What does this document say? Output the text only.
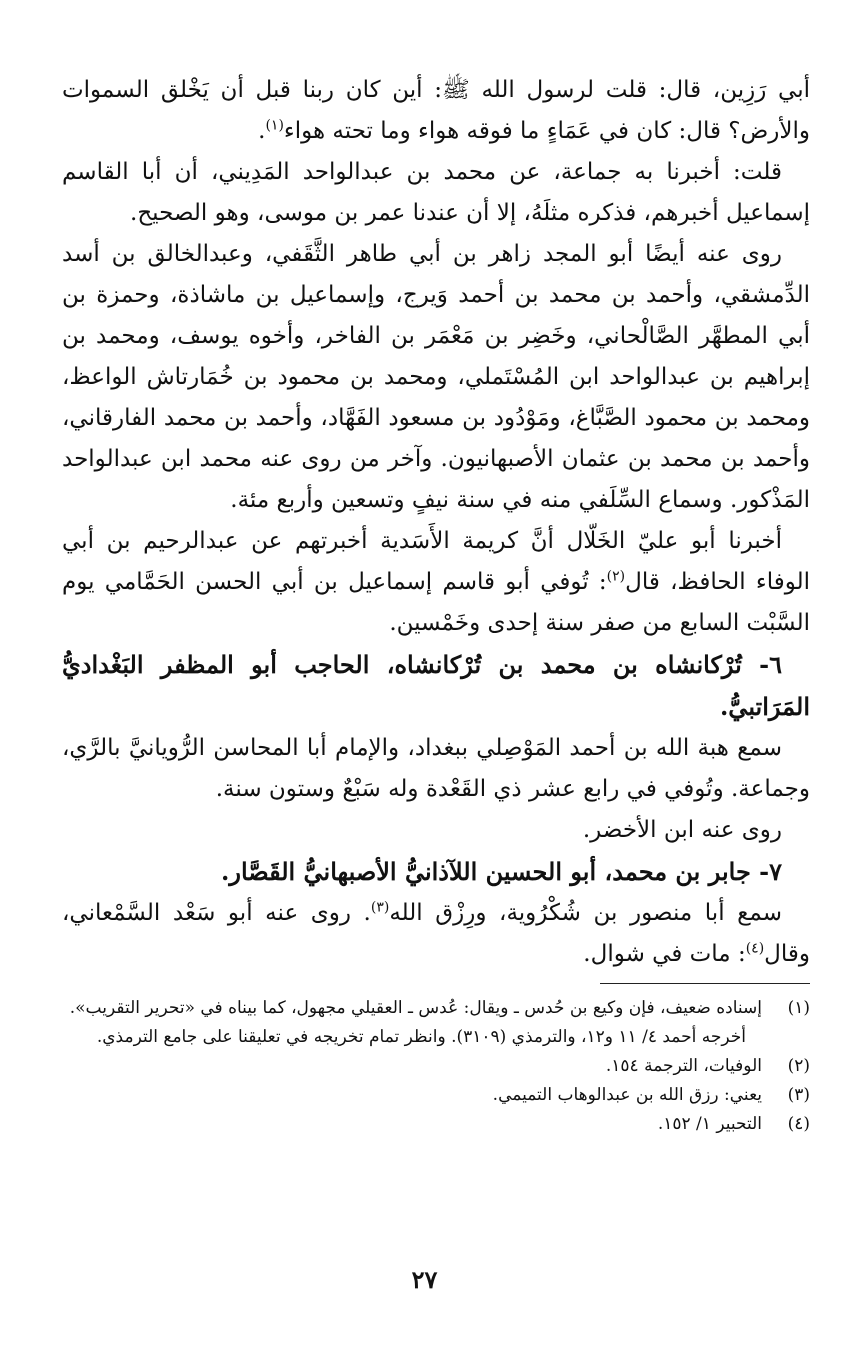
أبي رَزِين، قال: قلت لرسول الله ﷺ: أين كان ربنا قبل أن يَخْلق السموات والأرض؟ قال: كان في عَمَاءٍ ما فوقه هواء وما تحته هواء$^{(١)}$.

قلت: أخبرنا به جماعة، عن محمد بن عبدالواحد المَدِيني، أن أبا القاسم إسماعيل أخبرهم، فذكره مثلَهُ، إلا أن عندنا عمر بن موسى، وهو الصحيح.

روى عنه أيضًا أبو المجد زاهر بن أبي طاهر الثَّقَفي، وعبدالخالق بن أسد الدِّمشقي، وأحمد بن محمد بن أحمد وَيرج، وإسماعيل بن ماشاذة، وحمزة بن أبي المطهَّر الصَّالْحاني، وخَضِر بن مَعْمَر بن الفاخر، وأخوه يوسف، ومحمد بن إبراهيم بن عبدالواحد ابن المُسْتَملي، ومحمد بن محمود بن خُمَارتاش الواعظ، ومحمد بن محمود الصَّبَّاغ، ومَوْدُود بن مسعود الفَهَّاد، وأحمد بن محمد الفارقاني، وأحمد بن محمد بن عثمان الأصبهانيون. وآخر من روى عنه محمد ابن عبدالواحد المَذْكور. وسماع السِّلَفي منه في سنة نيفٍ وتسعين وأربع مئة.

أخبرنا أبو عليّ الخَلّال أنَّ كريمة الأَسَدية أخبرتهم عن عبدالرحيم بن أبي الوفاء الحافظ، قال$^{(٢)}$: تُوفي أبو قاسم إسماعيل بن أبي الحسن الحَمَّامي يوم السَّبْت السابع من صفر سنة إحدى وخَمْسين.

٦- تُرْكانشاه بن محمد بن تُرْكانشاه، الحاجب أبو المظفر البَغْداديُّ المَرَاتبيُّ.

سمع هبة الله بن أحمد المَوْصِلي ببغداد، والإمام أبا المحاسن الرُّويانيَّ بالرَّي، وجماعة. وتُوفي في رابع عشر ذي القَعْدة وله سَبْعٌ وستون سنة.

روى عنه ابن الأخضر.

٧- جابر بن محمد، أبو الحسين اللآذانيُّ الأصبهانيُّ القَصَّار.

سمع أبا منصور بن شُكْرُوية، ورِزْق الله$^{(٣)}$. روى عنه أبو سَعْد السَّمْعاني، وقال$^{(٤)}$: مات في شوال.

(١)
إسناده ضعيف، فإن وكيع بن حُدس ـ ويقال: عُدس ـ العقيلي مجهول، كما بيناه في «تحرير التقريب».

أخرجه أحمد ٤/ ١١ و١٢، والترمذي (٣١٠٩). وانظر تمام تخريجه في تعليقنا على جامع الترمذي.

(٢)
الوفيات، الترجمة ١٥٤.
(٣)
يعني: رزق الله بن عبدالوهاب التميمي.
(٤)
التحبير ١/ ١٥٢.
٢٧
